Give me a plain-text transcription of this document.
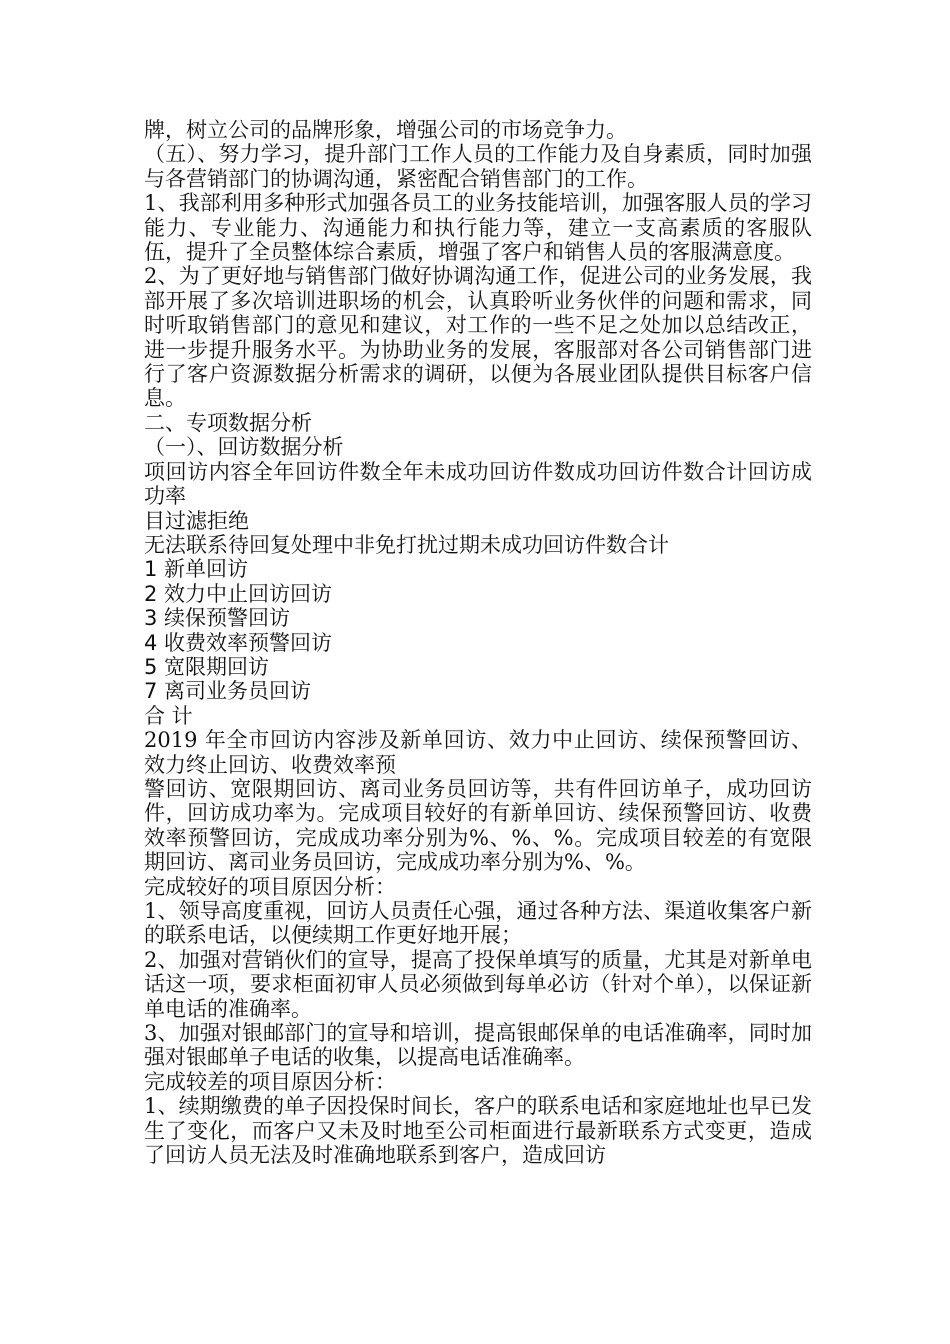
牌，树立公司的品牌形象，增强公司的市场竞争力。

（五）、努力学习，提升部门工作人员的工作能力及自身素质，同时加强与各营销部门的协调沟通，紧密配合销售部门的工作。

1、我部利用多种形式加强各员工的业务技能培训，加强客服人员的学习能力、专业能力、沟通能力和执行能力等，建立一支高素质的客服队伍，提升了全员整体综合素质，增强了客户和销售人员的客服满意度。

2、为了更好地与销售部门做好协调沟通工作，促进公司的业务发展，我部开展了多次培训进职场的机会，认真聆听业务伙伴的问题和需求，同时听取销售部门的意见和建议，对工作的一些不足之处加以总结改正，进一步提升服务水平。为协助业务的发展，客服部对各公司销售部门进行了客户资源数据分析需求的调研，以便为各展业团队提供目标客户信息。

二、专项数据分析

（一）、回访数据分析

项回访内容全年回访件数全年未成功回访件数成功回访件数合计回访成功率

目过滤拒绝

无法联系待回复处理中非免打扰过期未成功回访件数合计

1 新单回访

2 效力中止回访回访

3 续保预警回访

4 收费效率预警回访

5 宽限期回访

7 离司业务员回访

合 计

2019 年全市回访内容涉及新单回访、效力中止回访、续保预警回访、效力终止回访、收费效率预

警回访、宽限期回访、离司业务员回访等，共有件回访单子，成功回访件，回访成功率为。完成项目较好的有新单回访、续保预警回访、收费效率预警回访，完成成功率分别为%、%、%。完成项目较差的有宽限期回访、离司业务员回访，完成成功率分别为%、%。

完成较好的项目原因分析：

1、领导高度重视，回访人员责任心强，通过各种方法、渠道收集客户新的联系电话，以便续期工作更好地开展；

2、加强对营销伙们的宣导，提高了投保单填写的质量，尤其是对新单电话这一项，要求柜面初审人员必须做到每单必访（针对个单），以保证新单电话的准确率。

3、加强对银邮部门的宣导和培训，提高银邮保单的电话准确率，同时加强对银邮单子电话的收集，以提高电话准确率。

完成较差的项目原因分析：

1、续期缴费的单子因投保时间长，客户的联系电话和家庭地址也早已发生了变化，而客户又未及时地至公司柜面进行最新联系方式变更，造成了回访人员无法及时准确地联系到客户，造成回访
